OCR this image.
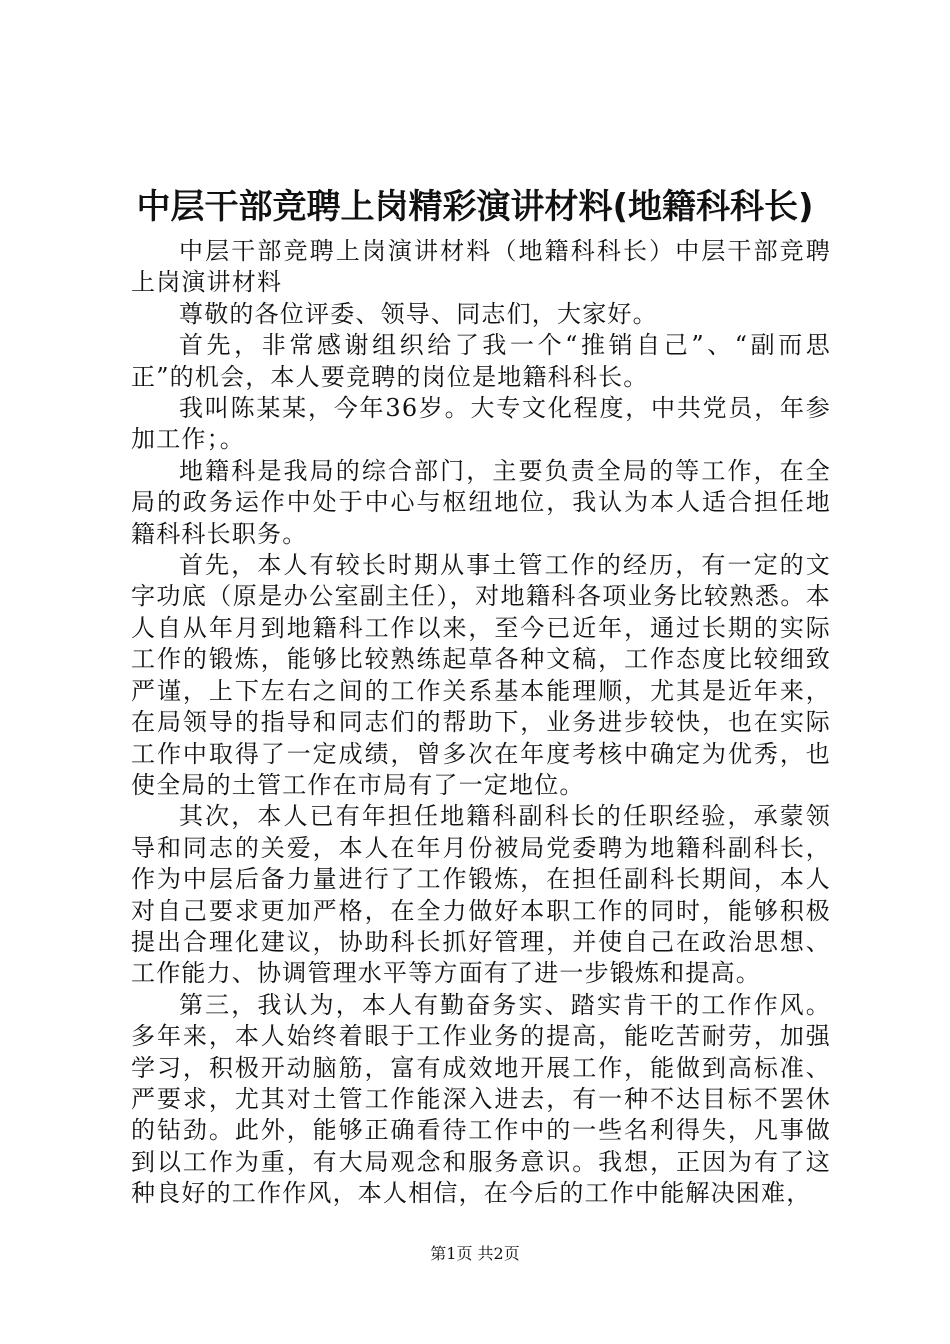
中层干部竞聘上岗精彩演讲材料(地籍科科长)

中层干部竞聘上岗演讲材料（地籍科科长）中层干部竞聘上岗演讲材料

尊敬的各位评委、领导、同志们，大家好。

首先，非常感谢组织给了我一个“推销自己”、“副而思正”的机会，本人要竞聘的岗位是地籍科科长。

我叫陈某某，今年36岁。大专文化程度，中共党员，年参加工作；。

地籍科是我局的综合部门，主要负责全局的等工作，在全局的政务运作中处于中心与枢纽地位，我认为本人适合担任地籍科科长职务。

首先，本人有较长时期从事土管工作的经历，有一定的文字功底（原是办公室副主任），对地籍科各项业务比较熟悉。本人自从年月到地籍科工作以来，至今已近年，通过长期的实际工作的锻炼，能够比较熟练起草各种文稿，工作态度比较细致严谨，上下左右之间的工作关系基本能理顺，尤其是近年来，在局领导的指导和同志们的帮助下，业务进步较快，也在实际工作中取得了一定成绩，曾多次在年度考核中确定为优秀，也使全局的土管工作在市局有了一定地位。

其次，本人已有年担任地籍科副科长的任职经验，承蒙领导和同志的关爱，本人在年月份被局党委聘为地籍科副科长，作为中层后备力量进行了工作锻炼，在担任副科长期间，本人对自己要求更加严格，在全力做好本职工作的同时，能够积极提出合理化建议，协助科长抓好管理，并使自己在政治思想、工作能力、协调管理水平等方面有了进一步锻炼和提高。

第三，我认为，本人有勤奋务实、踏实肯干的工作作风。多年来，本人始终着眼于工作业务的提高，能吃苦耐劳，加强学习，积极开动脑筋，富有成效地开展工作，能做到高标准、严要求，尤其对土管工作能深入进去，有一种不达目标不罢休的钻劲。此外，能够正确看待工作中的一些名利得失，凡事做到以工作为重，有大局观念和服务意识。我想，正因为有了这种良好的工作作风，本人相信，在今后的工作中能解决困难，

第1页 共2页
